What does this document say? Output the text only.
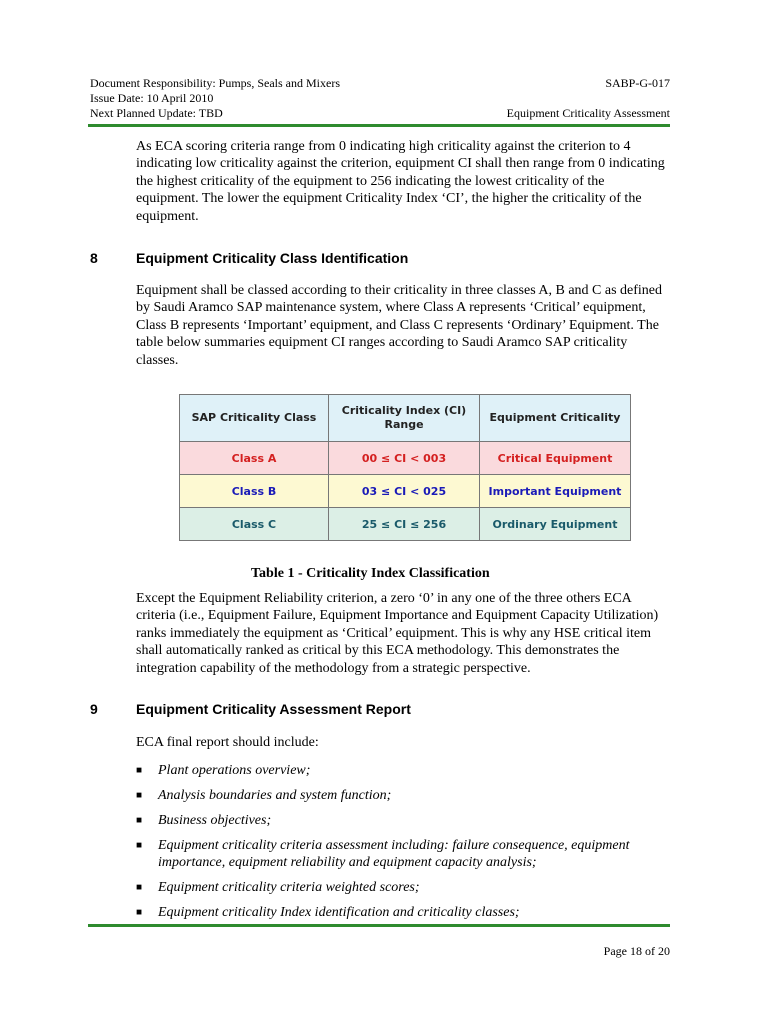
Document Responsibility: Pumps, Seals and Mixers
Issue Date: 10 April 2010
Next Planned Update: TBD
SABP-G-017
Equipment Criticality Assessment
As ECA scoring criteria range from 0 indicating high criticality against the criterion to 4 indicating low criticality against the criterion, equipment CI shall then range from 0 indicating the highest criticality of the equipment to 256 indicating the lowest criticality of the equipment. The lower the equipment Criticality Index ‘CI’, the higher the criticality of the equipment.
8	Equipment Criticality Class Identification
Equipment shall be classed according to their criticality in three classes A, B and C as defined by Saudi Aramco SAP maintenance system, where Class A represents ‘Critical’ equipment, Class B represents ‘Important’ equipment, and Class C represents ‘Ordinary’ Equipment. The table below summaries equipment CI ranges according to Saudi Aramco SAP criticality classes.
SAP Criticality Class	Criticality Index (CI) Range	Equipment Criticality
Class A	00 ≤ CI < 003	Critical Equipment
Class B	03 ≤ CI < 025	Important Equipment
Class C	25 ≤ CI ≤ 256	Ordinary Equipment
Table 1 - Criticality Index Classification
Except the Equipment Reliability criterion, a zero ‘0’ in any one of the three others ECA criteria (i.e., Equipment Failure, Equipment Importance and Equipment Capacity Utilization) ranks immediately the equipment as ‘Critical’ equipment. This is why any HSE critical item shall automatically ranked as critical by this ECA methodology. This demonstrates the integration capability of the methodology from a strategic perspective.
9	Equipment Criticality Assessment Report
ECA final report should include:
■ Plant operations overview;
■ Analysis boundaries and system function;
■ Business objectives;
■ Equipment criticality criteria assessment including: failure consequence, equipment importance, equipment reliability and equipment capacity analysis;
■ Equipment criticality criteria weighted scores;
■ Equipment criticality Index identification and criticality classes;
Page 18 of 20
